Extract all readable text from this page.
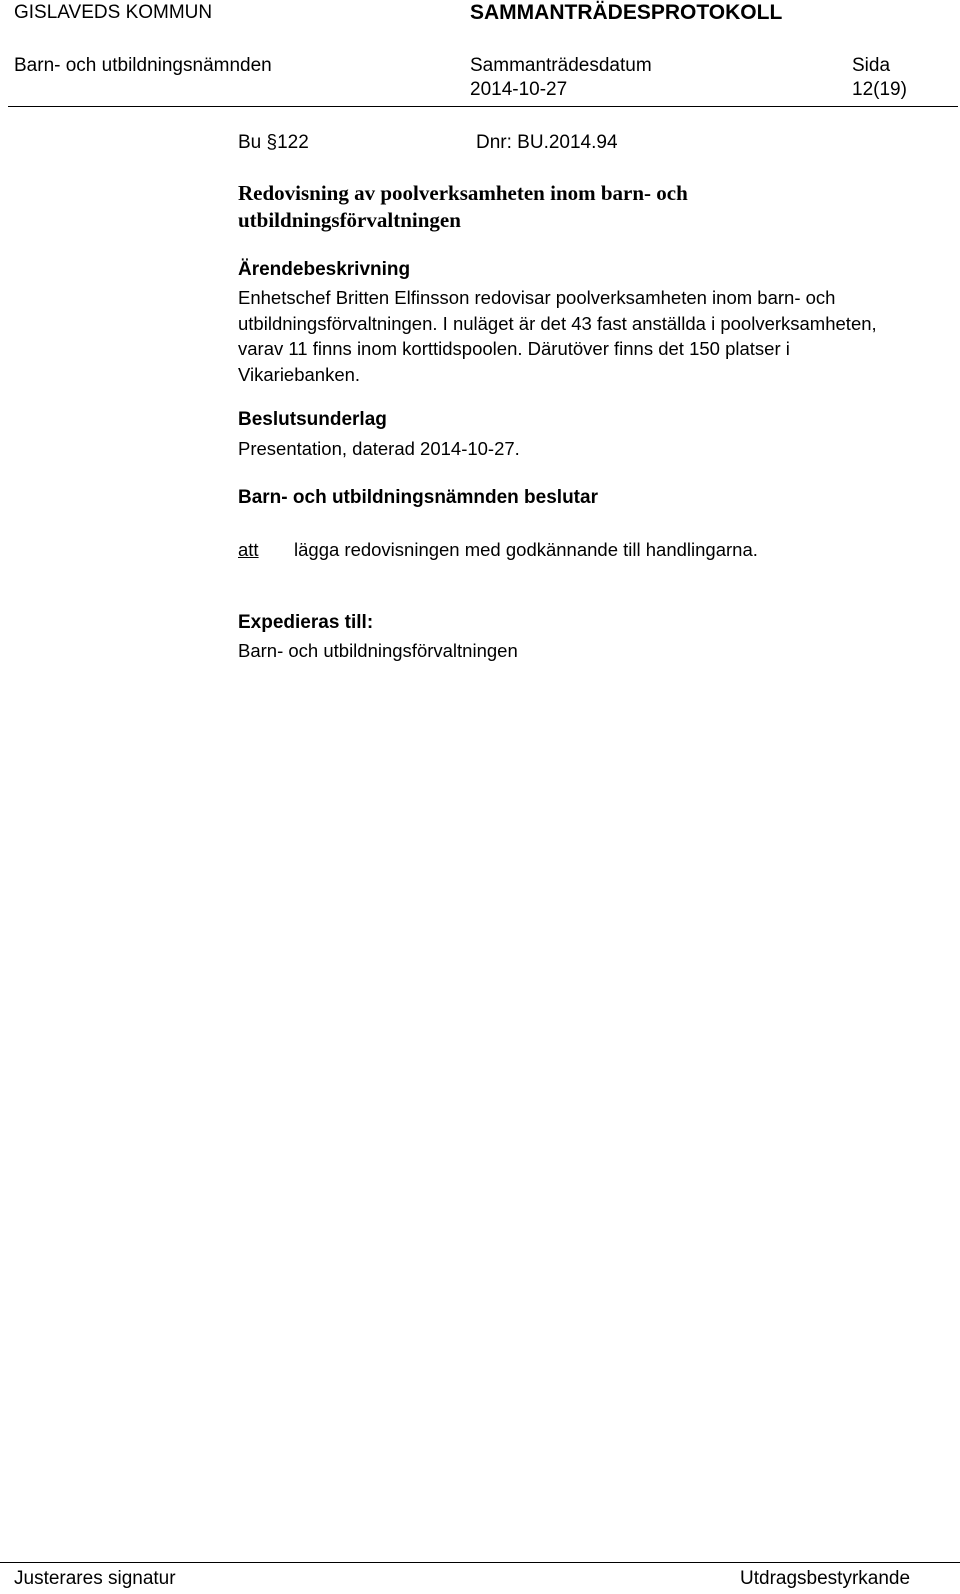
GISLAVEDS KOMMUN	SAMMANTRÄDESPROTOKOLL
Barn- och utbildningsnämnden	Sammanträdesdatum
2014-10-27
Sida
12(19)
Bu §122	Dnr: BU.2014.94
Redovisning av poolverksamheten inom barn- och
utbildningsförvaltningen
Ärendebeskrivning
Enhetschef Britten Elfinsson redovisar poolverksamheten inom barn- och
utbildningsförvaltningen. I nuläget är det 43 fast anställda i poolverksamheten,
varav 11 finns inom korttidspoolen. Därutöver finns det 150 platser i
Vikariebanken.
Beslutsunderlag
Presentation, daterad 2014-10-27.
Barn- och utbildningsnämnden beslutar
att lägga redovisningen med godkännande till handlingarna.
Expedieras till:
Barn- och utbildningsförvaltningen
Justerares signatur	Utdragsbestyrkande
